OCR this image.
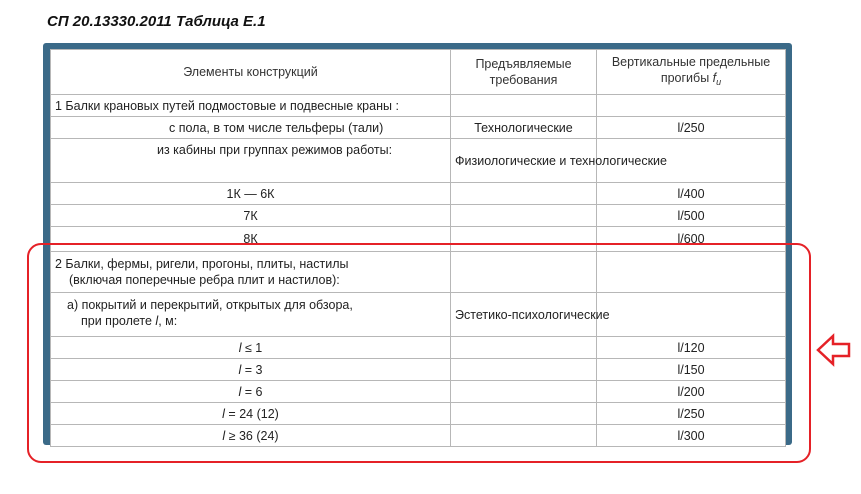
СП 20.13330.2011 Таблица Е.1
Элементы конструкций	Предъявляемые требования	Вертикальные предельные прогибы $f_u$
1 Балки крановых путей подмостовые и подвесные краны :		
с пола, в том числе тельферы (тали)	Технологические	l/250
из кабины при группах режимов работы:	Физиологические и технологические	
1К — 6К		l/400
7К		l/500
8К		l/600

2 Балки, фермы, ригели, прогоны, плиты, настилы
(включая поперечные ребра плит и настилов):		

а) покрытий и перекрытий, открытых для обзора,
при пролете l, м:	Эстетико-психологические	
l ≤ 1		l/120
l = 3		l/150
l = 6		l/200
l = 24 (12)		l/250
l ≥ 36 (24)		l/300
